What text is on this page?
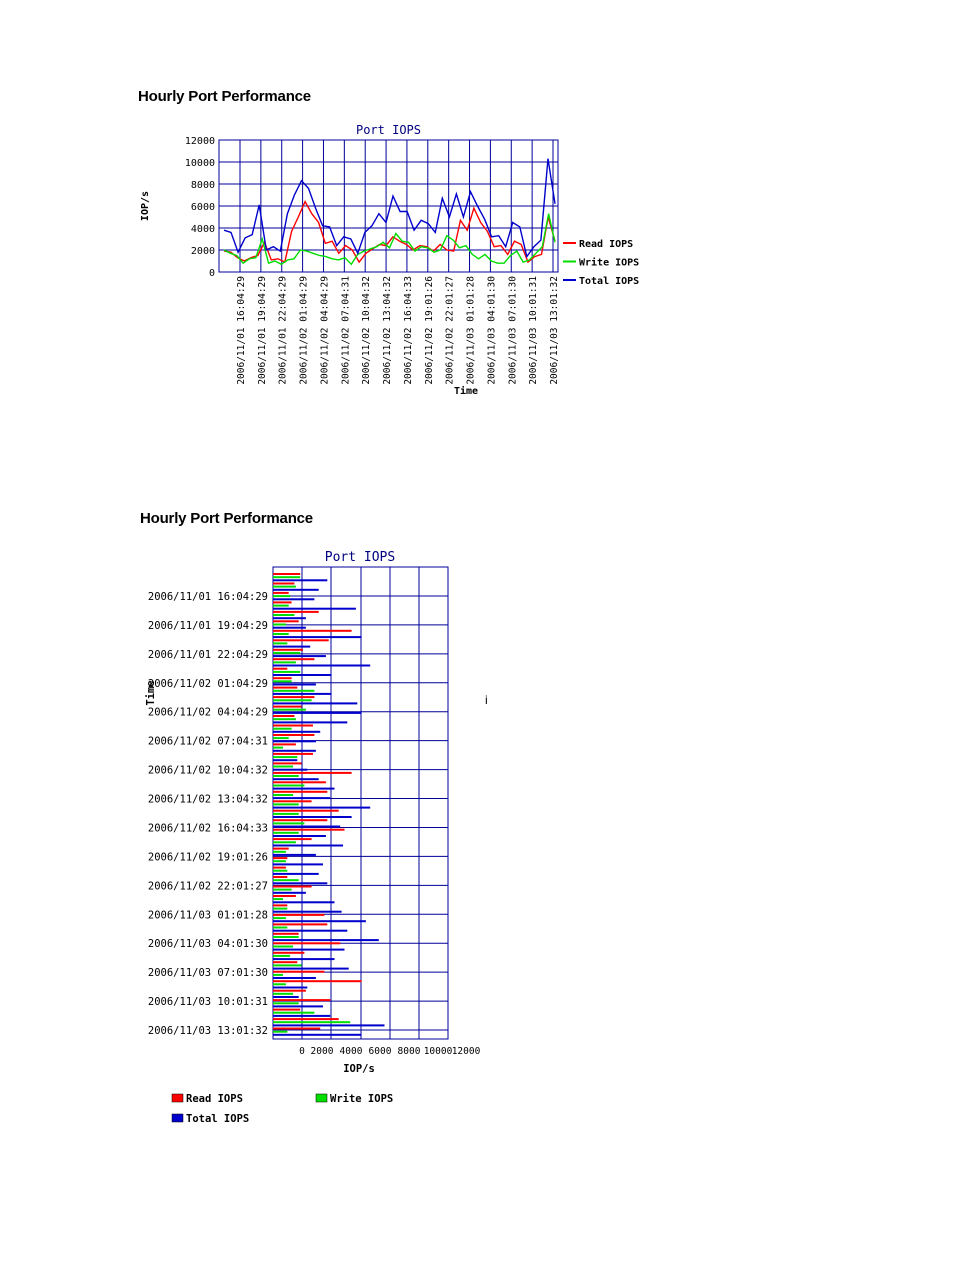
Hourly Port Performance
Hourly Port Performance
i
Port IOPS
0
2000
4000
6000
8000
10000
12000
2006/11/01 16:04:29 2006/11/01 19:04:29 2006/11/01 22:04:29 2006/11/02 01:04:29 2006/11/02 04:04:29 2006/11/02 07:04:31 2006/11/02 10:04:32 2006/11/02 13:04:32 2006/11/02 16:04:33 2006/11/02 19:01:26 2006/11/02 22:01:27 2006/11/03 01:01:28 2006/11/03 04:01:30 2006/11/03 07:01:30 2006/11/03 10:01:31 2006/11/03 13:01:32
IOP/s
Time
Read IOPS
Write IOPS
Total IOPS
Port IOPS
2006/11/01 16:04:29
2006/11/01 19:04:29
2006/11/01 22:04:29
2006/11/02 01:04:29
2006/11/02 04:04:29
2006/11/02 07:04:31
2006/11/02 10:04:32
2006/11/02 13:04:32
2006/11/02 16:04:33
2006/11/02 19:01:26
2006/11/02 22:01:27
2006/11/03 01:01:28
2006/11/03 04:01:30
2006/11/03 07:01:30
2006/11/03 10:01:31
2006/11/03 13:01:32
0 2000 4000 6000 8000 10000 12000
IOP/s
Time
Read IOPS	Write IOPS
Total IOPS
